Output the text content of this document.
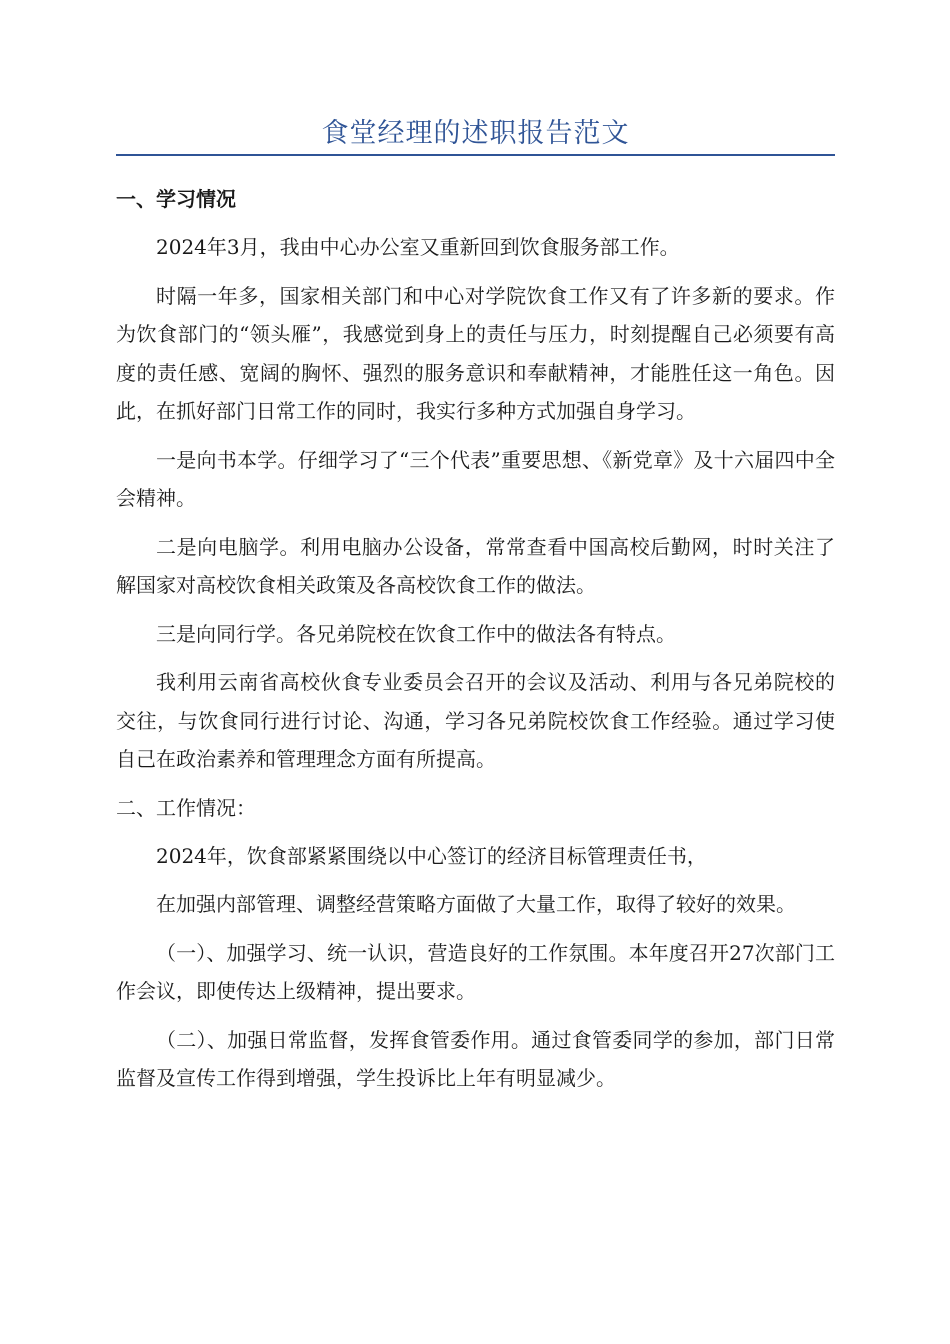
食堂经理的述职报告范文
一、学习情况

2024年3月，我由中心办公室又重新回到饮食服务部工作。

时隔一年多，国家相关部门和中心对学院饮食工作又有了许多新的要求。作为饮食部门的“领头雁”，我感觉到身上的责任与压力，时刻提醒自己必须要有高度的责任感、宽阔的胸怀、强烈的服务意识和奉献精神，才能胜任这一角色。因此，在抓好部门日常工作的同时，我实行多种方式加强自身学习。

一是向书本学。仔细学习了“三个代表”重要思想、《新党章》及十六届四中全会精神。

二是向电脑学。利用电脑办公设备，常常查看中国高校后勤网，时时关注了解国家对高校饮食相关政策及各高校饮食工作的做法。

三是向同行学。各兄弟院校在饮食工作中的做法各有特点。

我利用云南省高校伙食专业委员会召开的会议及活动、利用与各兄弟院校的交往，与饮食同行进行讨论、沟通，学习各兄弟院校饮食工作经验。通过学习使自己在政治素养和管理理念方面有所提高。

二、工作情况：

2024年，饮食部紧紧围绕以中心签订的经济目标管理责任书，

在加强内部管理、调整经营策略方面做了大量工作，取得了较好的效果。

（一）、加强学习、统一认识，营造良好的工作氛围。本年度召开27次部门工作会议，即使传达上级精神，提出要求。

（二）、加强日常监督，发挥食管委作用。通过食管委同学的参加，部门日常监督及宣传工作得到增强，学生投诉比上年有明显减少。
